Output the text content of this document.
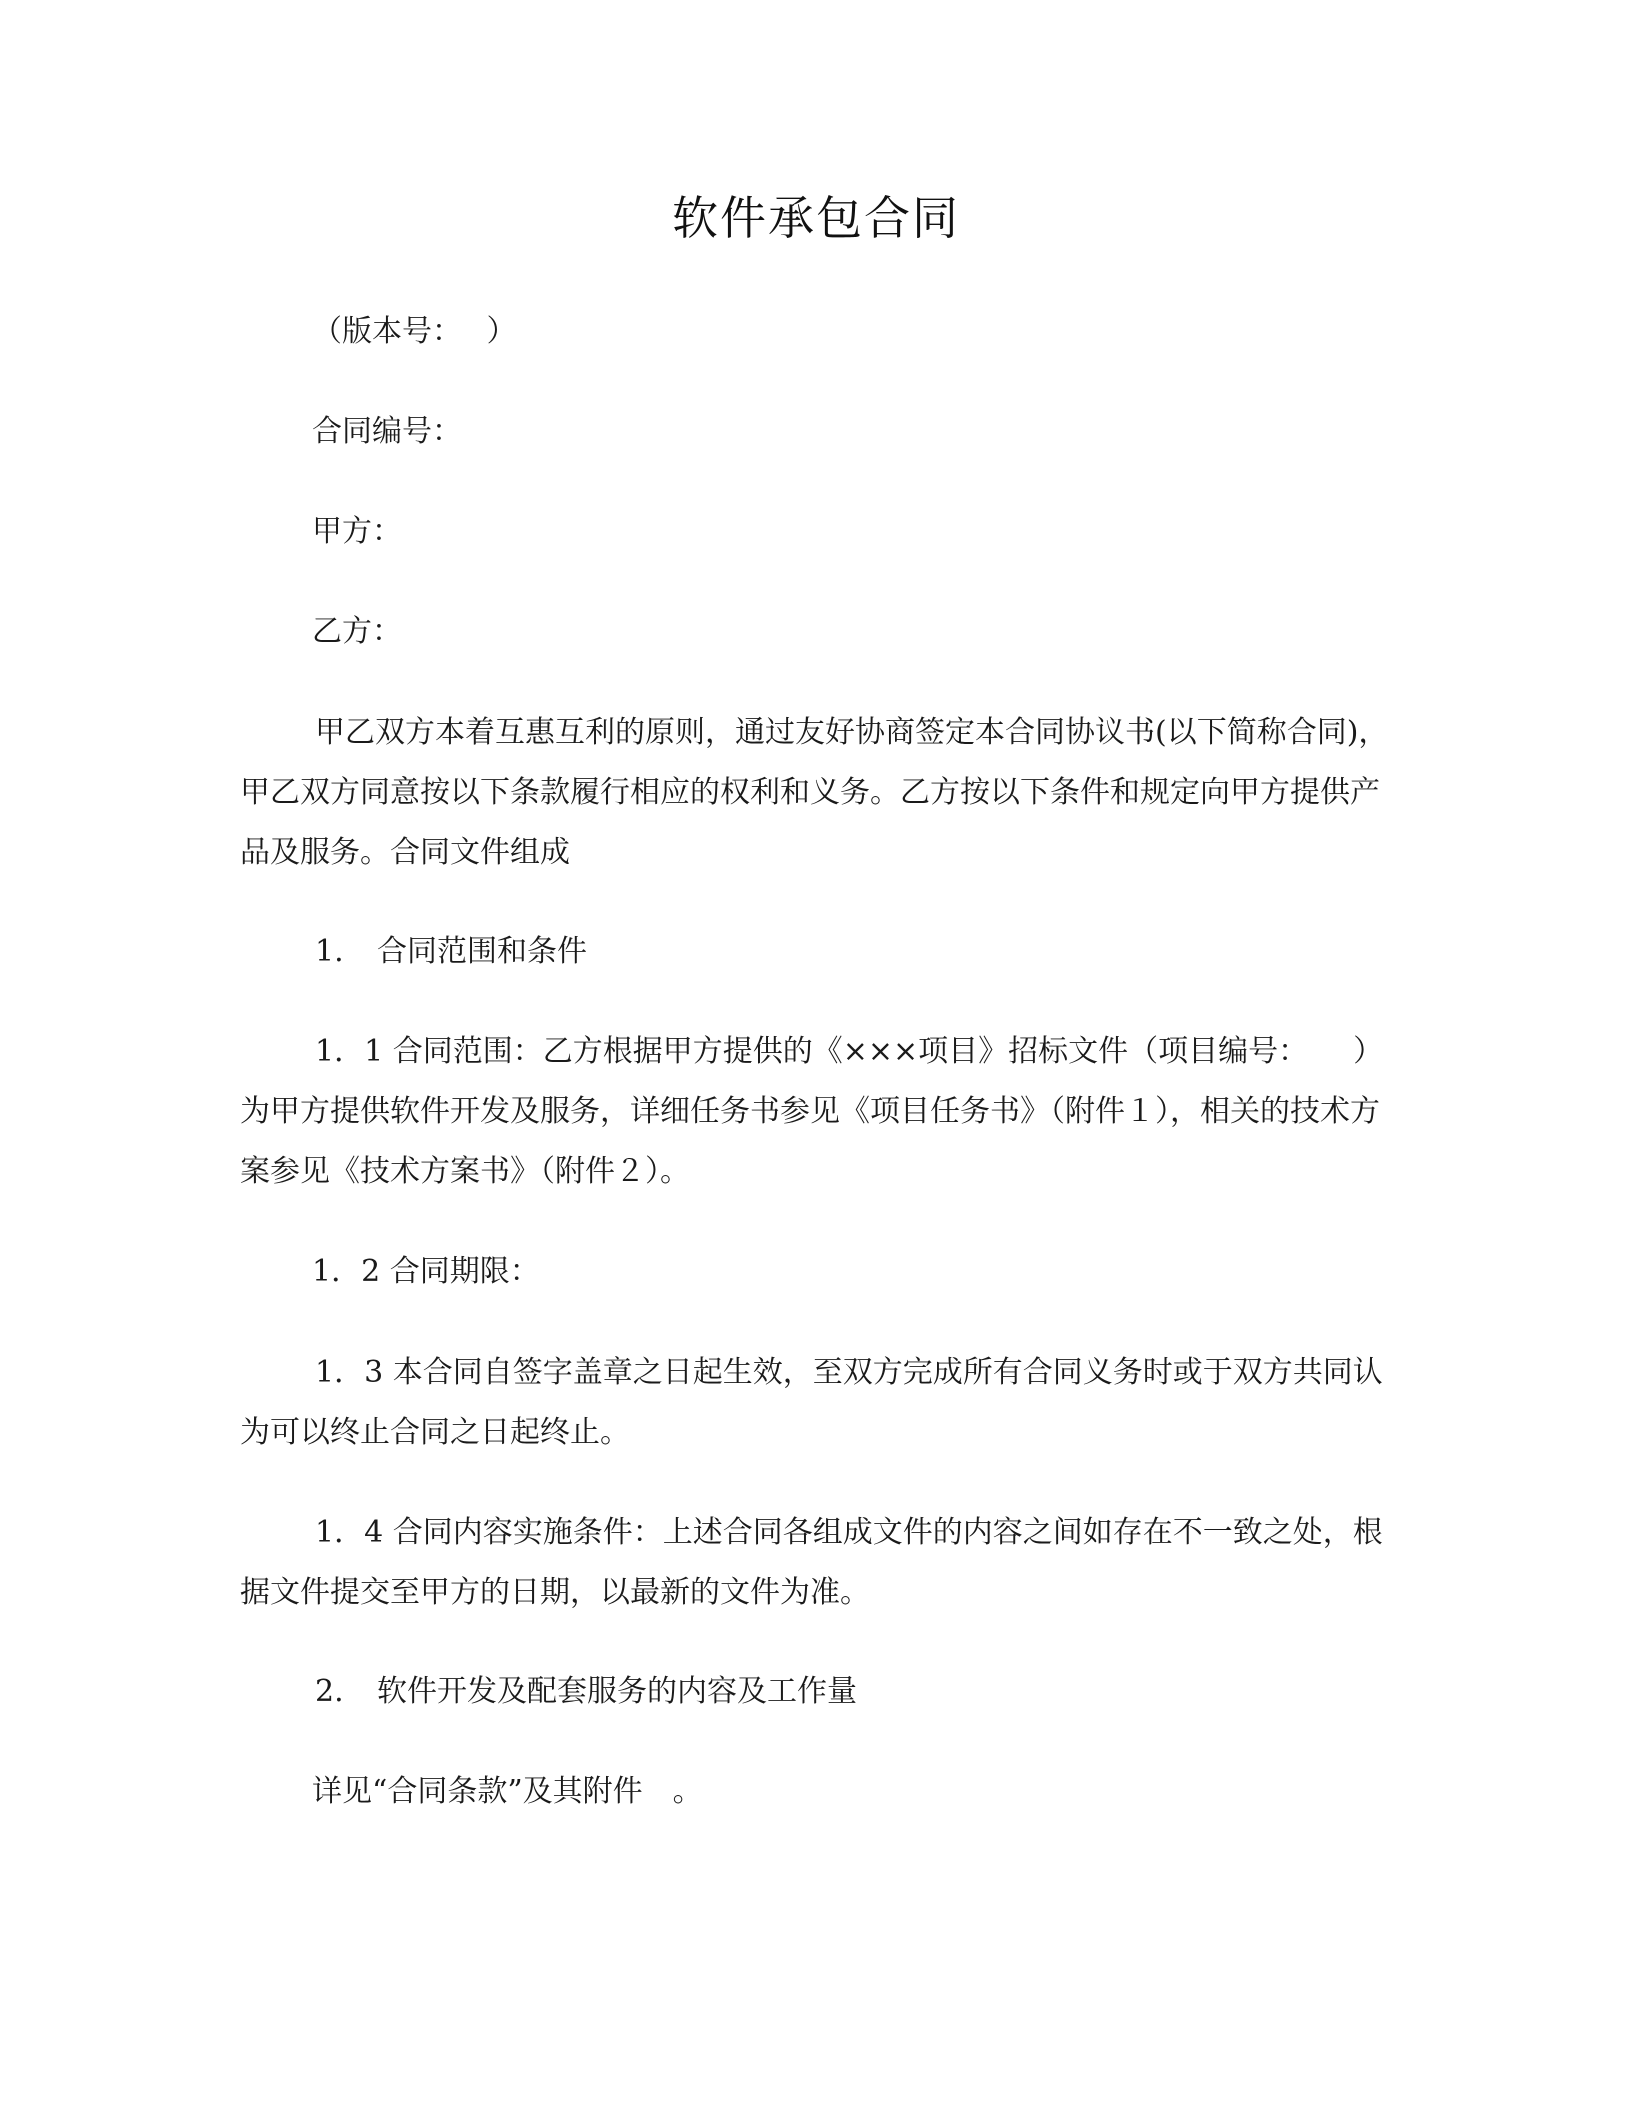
软件承包合同
（版本号：　 ）
合同编号：
甲方：
乙方：
甲乙双方本着互惠互利的原则，通过友好协商签定本合同协议书(以下简称合同)，甲乙双方同意按以下条款履行相应的权利和义务。乙方按以下条件和规定向甲方提供产品及服务。合同文件组成
1. 合同范围和条件
1．1 合同范围：乙方根据甲方提供的《×××项目》招标文件（项目编号：　　）为甲方提供软件开发及服务，详细任务书参见《项目任务书》（附件１），相关的技术方案参见《技术方案书》（附件２）。
1．2 合同期限：
1．3 本合同自签字盖章之日起生效，至双方完成所有合同义务时或于双方共同认为可以终止合同之日起终止。
1．4 合同内容实施条件：上述合同各组成文件的内容之间如存在不一致之处，根据文件提交至甲方的日期，以最新的文件为准。
2. 软件开发及配套服务的内容及工作量
详见“合同条款”及其附件　。
